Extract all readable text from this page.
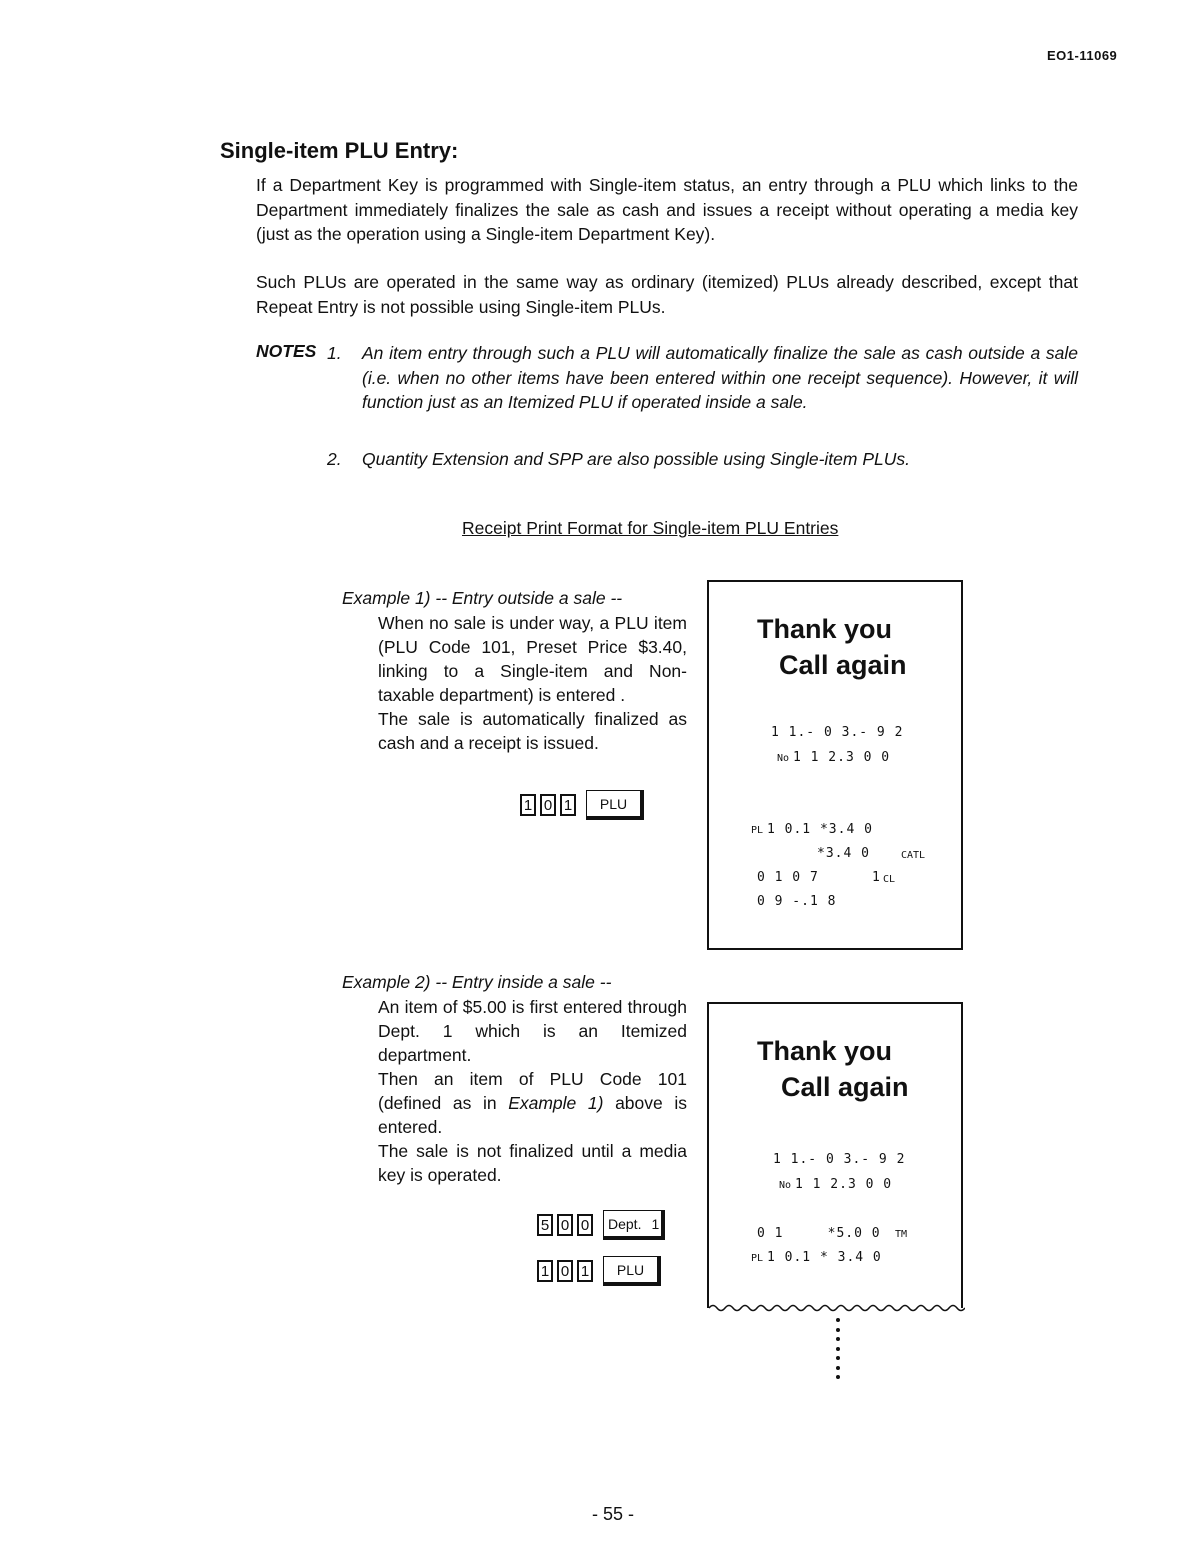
EO1-11069
Single-item PLU Entry:
If a Department Key is programmed with Single-item status, an entry through a PLU which links to the Department immediately finalizes the sale as cash and issues a receipt without operating a media key (just as the operation using a Single-item Department Key).
Such PLUs are operated in the same way as ordinary (itemized) PLUs already described, except that Repeat Entry is not possible using Single-item PLUs.
NOTES 1. An item entry through such a PLU will automatically finalize the sale as cash outside a sale (i.e. when no other items have been entered within one receipt sequence). However, it will function just as an Itemized PLU if operated inside a sale.
2. Quantity Extension and SPP are also possible using Single-item PLUs.
Receipt Print Format for Single-item PLU Entries
Example 1) -- Entry outside a sale --
When no sale is under way, a PLU item (PLU Code 101, Preset Price $3.40, linking to a Single-item and Non-taxable department) is entered .
The sale is automatically finalized as cash and a receipt is issued.
1 0 1	PLU
Thank you
Call again
1 1.- 0 3.- 9 2
No 1 1 2.3 0 0
PL 1 0.1 *3.4 0
*3.4 0	CATL
0 1 0 7	1 CL
0 9 -.1 8
Example 2) -- Entry inside a sale --
An item of $5.00 is first entered through Dept. 1 which is an Itemized department.
Then an item of PLU Code 101 (defined as in Example 1) above is entered.
The sale is not finalized until a media key is operated.
5 0 0 Dept. 1
1 0 1	PLU
Thank you
Call again
1 1.- 0 3.- 9 2
No 1 1 2.3 0 0
0 1     *5.0 0 TM
PL 1 0.1 * 3.4 0
- 55 -
